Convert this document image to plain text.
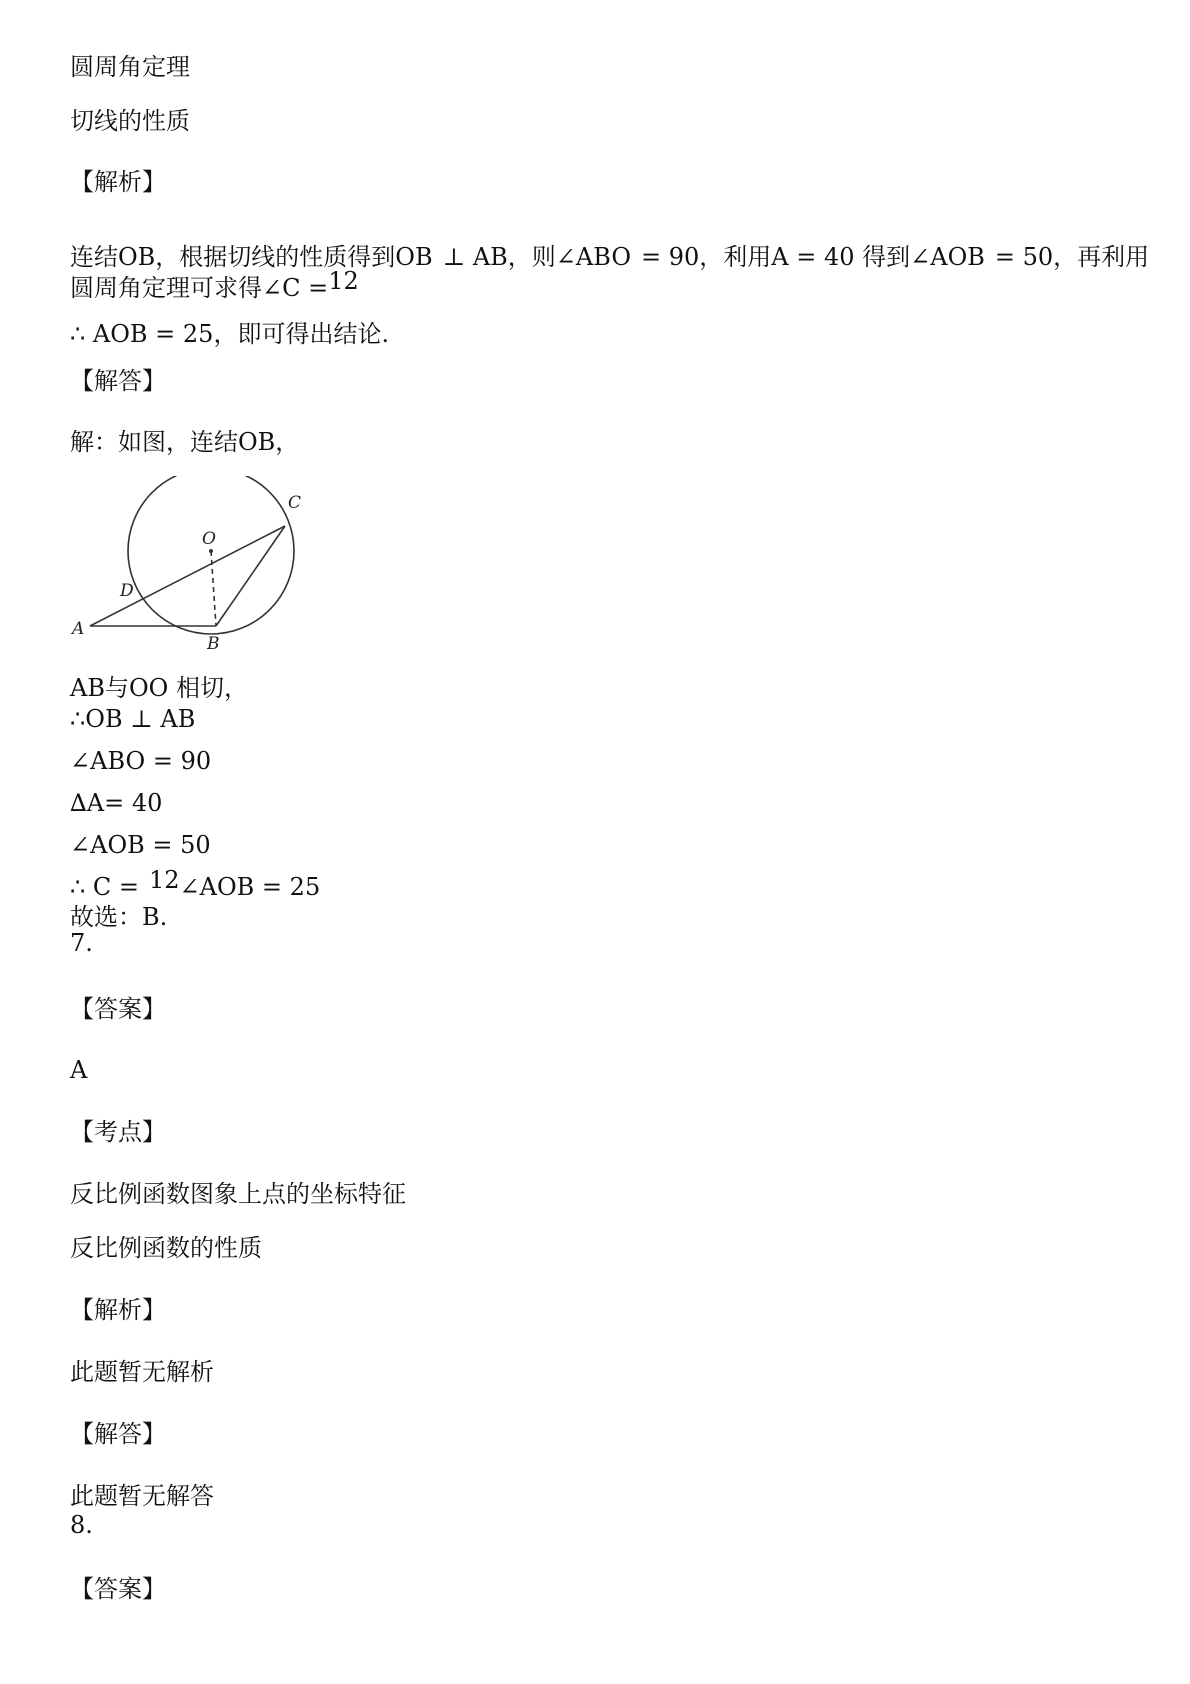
圆周角定理
切线的性质
【解析】
连结OB，根据切线的性质得到OB ⊥ AB，则∠ABO = 90，利用A = 40 得到∠AOB = 50，再利用
圆周角定理可求得∠C =12
∴ AOB = 25，即可得出结论.
【解答】
解：如图，连结OB，
A
B
C
D
O
AB与OO 相切，
∴OB ⊥ AB
∠ABO = 90
∆A= 40
∠AOB = 50
∴ C = 12∠AOB = 25
故选：B.
7.
【答案】
A
【考点】
反比例函数图象上点的坐标特征
反比例函数的性质
【解析】
此题暂无解析
【解答】
此题暂无解答
8.
【答案】
